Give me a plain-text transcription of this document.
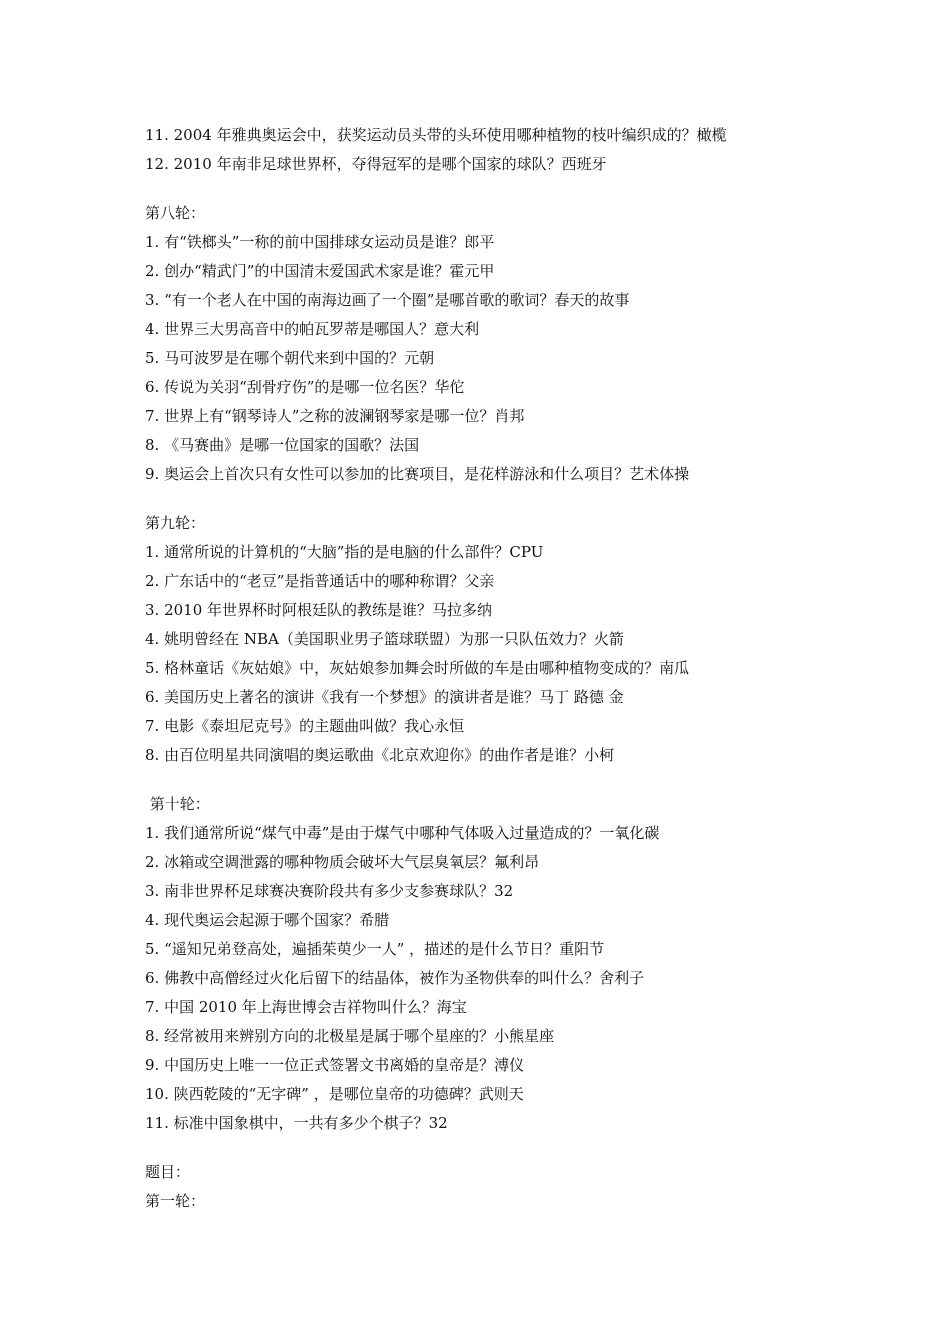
11. 2004 年雅典奥运会中，获奖运动员头带的头环使用哪种植物的枝叶编织成的？橄榄
12. 2010 年南非足球世界杯，夺得冠军的是哪个国家的球队？西班牙
第八轮：
1. 有“铁榔头”一称的前中国排球女运动员是谁？郎平
2. 创办“精武门”的中国清末爱国武术家是谁？霍元甲
3. “有一个老人在中国的南海边画了一个圈”是哪首歌的歌词？春天的故事
4. 世界三大男高音中的帕瓦罗蒂是哪国人？意大利
5. 马可波罗是在哪个朝代来到中国的？元朝
6. 传说为关羽“刮骨疗伤”的是哪一位名医？华佗
7. 世界上有“钢琴诗人”之称的波澜钢琴家是哪一位？肖邦
8. 《马赛曲》是哪一位国家的国歌？法国
9. 奥运会上首次只有女性可以参加的比赛项目，是花样游泳和什么项目？艺术体操
第九轮：
1. 通常所说的计算机的“大脑”指的是电脑的什么部件？CPU
2. 广东话中的“老豆”是指普通话中的哪种称谓？父亲
3. 2010 年世界杯时阿根廷队的教练是谁？马拉多纳
4. 姚明曾经在 NBA（美国职业男子篮球联盟）为那一只队伍效力？火箭
5. 格林童话《灰姑娘》中，灰姑娘参加舞会时所做的车是由哪种植物变成的？南瓜
6. 美国历史上著名的演讲《我有一个梦想》的演讲者是谁？马丁 路德 金
7. 电影《泰坦尼克号》的主题曲叫做？我心永恒
8. 由百位明星共同演唱的奥运歌曲《北京欢迎你》的曲作者是谁？小柯
第十轮：
1. 我们通常所说“煤气中毒”是由于煤气中哪种气体吸入过量造成的？一氧化碳
2. 冰箱或空调泄露的哪种物质会破坏大气层臭氧层？氟利昂
3. 南非世界杯足球赛决赛阶段共有多少支参赛球队？32
4. 现代奥运会起源于哪个国家？希腊
5. “遥知兄弟登高处，遍插茱萸少一人” ，描述的是什么节日？重阳节
6. 佛教中高僧经过火化后留下的结晶体，被作为圣物供奉的叫什么？舍利子
7. 中国 2010 年上海世博会吉祥物叫什么？海宝
8. 经常被用来辨别方向的北极星是属于哪个星座的？小熊星座
9. 中国历史上唯一一位正式签署文书离婚的皇帝是？溥仪
10. 陕西乾陵的“无字碑” ，是哪位皇帝的功德碑？武则天
11. 标准中国象棋中，一共有多少个棋子？32
题目：
第一轮：
